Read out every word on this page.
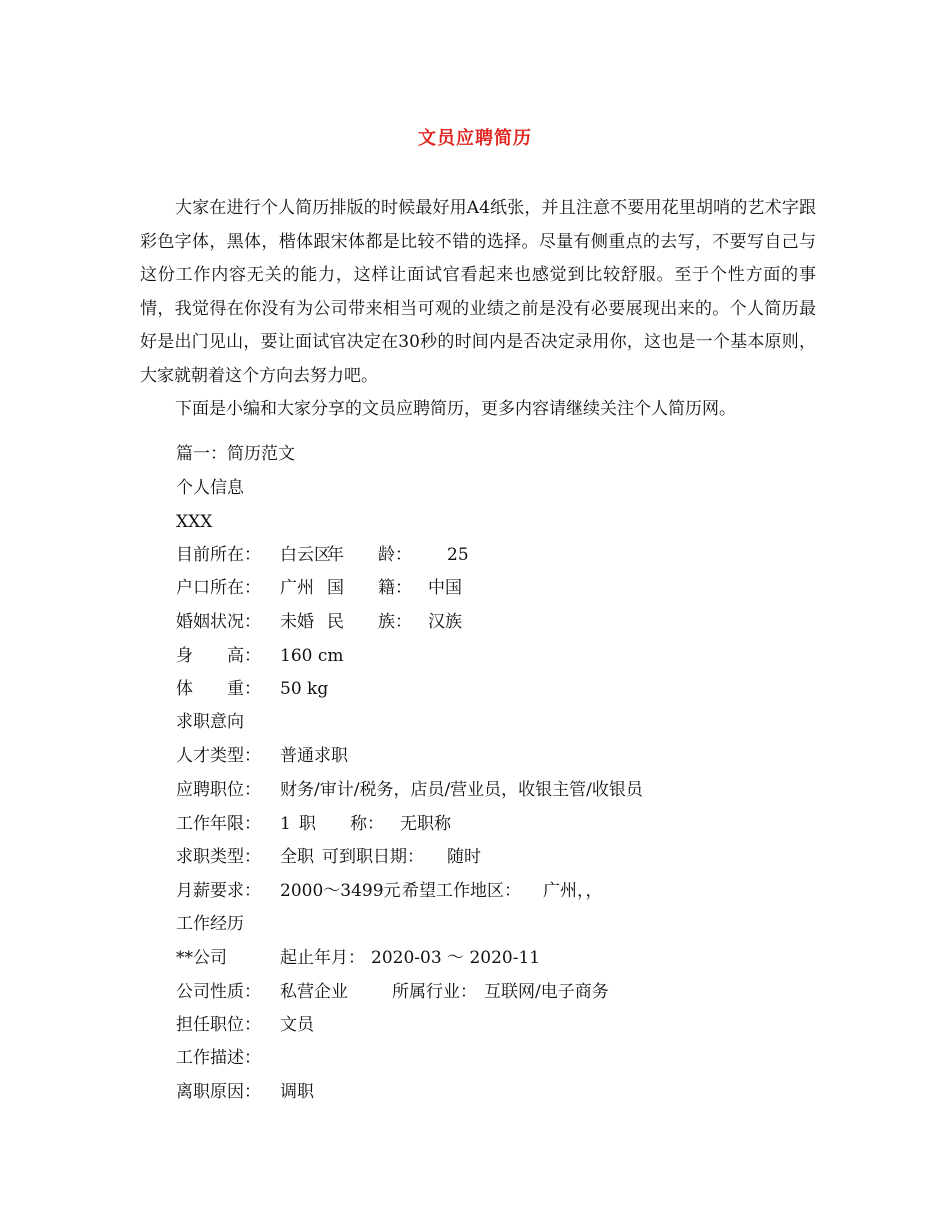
文员应聘简历

大家在进行个人简历排版的时候最好用A4纸张，并且注意不要用花里胡哨的艺术字跟彩色字体，黑体，楷体跟宋体都是比较不错的选择。尽量有侧重点的去写，不要写自己与这份工作内容无关的能力，这样让面试官看起来也感觉到比较舒服。至于个性方面的事情，我觉得在你没有为公司带来相当可观的业绩之前是没有必要展现出来的。个人简历最好是出门见山，要让面试官决定在30秒的时间内是否决定录用你，这也是一个基本原则，大家就朝着这个方向去努力吧。

下面是小编和大家分享的文员应聘简历，更多内容请继续关注个人简历网。

篇一：简历范文
个人信息
XXX
目前所在： 白云区
年　　龄： 25
户口所在： 广州 国　　籍： 中国
婚姻状况： 未婚 民　　族： 汉族
身　　高： 160 cm
体　　重： 50 kg
求职意向
人才类型： 普通求职
应聘职位： 财务/审计/税务，店员/营业员，收银主管/收银员
工作年限： 1 职　　称： 无职称
求职类型： 全职 可到职日期： 随时
月薪要求： 2000～3499元 希望工作地区： 广州，，
工作经历
**公司	起止年月： 2020-03 ～ 2020-11
公司性质： 私营企业	所属行业： 互联网/电子商务
担任职位： 文员
工作描述：
离职原因： 调职
